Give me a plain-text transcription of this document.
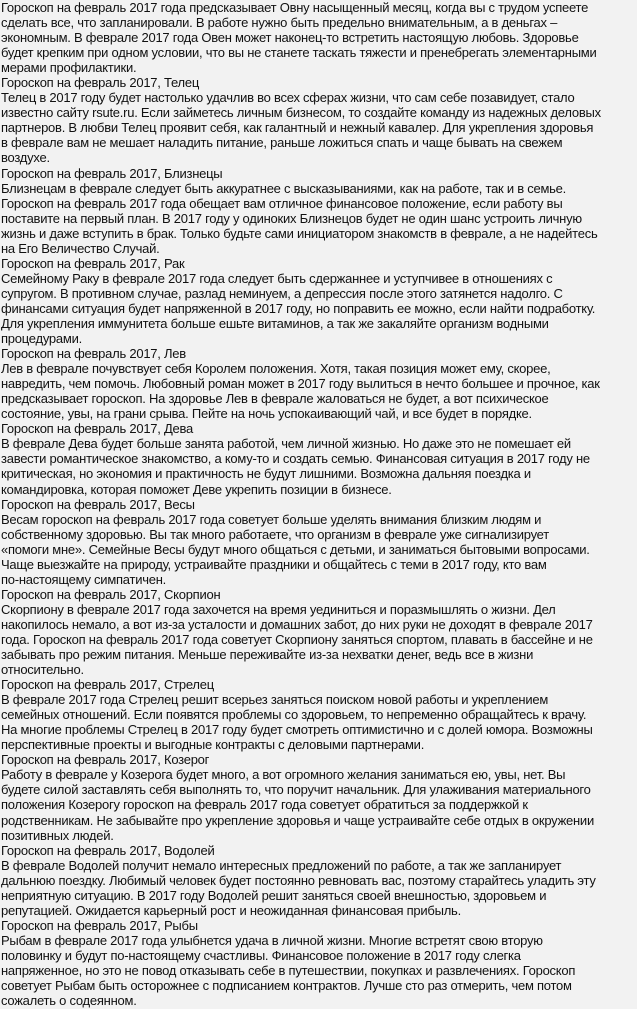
Гороскоп на февраль 2017 года предсказывает Овну насыщенный месяц, когда вы с трудом успеете
сделать все, что запланировали. В работе нужно быть предельно внимательным, а в деньгах –
экономным. В феврале 2017 года Овен может наконец-то встретить настоящую любовь. Здоровье
будет крепким при одном условии, что вы не станете таскать тяжести и пренебрегать элементарными
мерами профилактики.
Гороскоп на февраль 2017, Телец
Телец в 2017 году будет настолько удачлив во всех сферах жизни, что сам себе позавидует, стало
известно сайту rsute.ru. Если займетесь личным бизнесом, то создайте команду из надежных деловых
партнеров. В любви Телец проявит себя, как галантный и нежный кавалер. Для укрепления здоровья
в феврале вам не мешает наладить питание, раньше ложиться спать и чаще бывать на свежем
воздухе.
Гороскоп на февраль 2017, Близнецы
Близнецам в феврале следует быть аккуратнее с высказываниями, как на работе, так и в семье.
Гороскоп на февраль 2017 года обещает вам отличное финансовое положение, если работу вы
поставите на первый план. В 2017 году у одиноких Близнецов будет не один шанс устроить личную
жизнь и даже вступить в брак. Только будьте сами инициатором знакомств в феврале, а не надейтесь
на Его Величество Случай.
Гороскоп на февраль 2017, Рак
Семейному Раку в феврале 2017 года следует быть сдержаннее и уступчивее в отношениях с
супругом. В противном случае, разлад неминуем, а депрессия после этого затянется надолго. С
финансами ситуация будет напряженной в 2017 году, но поправить ее можно, если найти подработку.
Для укрепления иммунитета больше ешьте витаминов, а так же закаляйте организм водными
процедурами.
Гороскоп на февраль 2017, Лев
Лев в феврале почувствует себя Королем положения. Хотя, такая позиция может ему, скорее,
навредить, чем помочь. Любовный роман может в 2017 году вылиться в нечто большее и прочное, как
предсказывает гороскоп. На здоровье Лев в феврале жаловаться не будет, а вот психическое
состояние, увы, на грани срыва. Пейте на ночь успокаивающий чай, и все будет в порядке.
Гороскоп на февраль 2017, Дева
В феврале Дева будет больше занята работой, чем личной жизнью. Но даже это не помешает ей
завести романтическое знакомство, а кому-то и создать семью. Финансовая ситуация в 2017 году не
критическая, но экономия и практичность не будут лишними. Возможна дальняя поездка и
командировка, которая поможет Деве укрепить позиции в бизнесе.
Гороскоп на февраль 2017, Весы
Весам гороскоп на февраль 2017 года советует больше уделять внимания близким людям и
собственному здоровью. Вы так много работаете, что организм в феврале уже сигнализирует
«помоги мне». Семейные Весы будут много общаться с детьми, и заниматься бытовыми вопросами.
Чаще выезжайте на природу, устраивайте праздники и общайтесь с теми в 2017 году, кто вам
по-настоящему симпатичен.
Гороскоп на февраль 2017, Скорпион
Скорпиону в феврале 2017 года захочется на время уединиться и поразмышлять о жизни. Дел
накопилось немало, а вот из-за усталости и домашних забот, до них руки не доходят в феврале 2017
года. Гороскоп на февраль 2017 года советует Скорпиону заняться спортом, плавать в бассейне и не
забывать про режим питания. Меньше переживайте из-за нехватки денег, ведь все в жизни
относительно.
Гороскоп на февраль 2017, Стрелец
В феврале 2017 года Стрелец решит всерьез заняться поиском новой работы и укреплением
семейных отношений. Если появятся проблемы со здоровьем, то непременно обращайтесь к врачу.
На многие проблемы Стрелец в 2017 году будет смотреть оптимистично и с долей юмора. Возможны
перспективные проекты и выгодные контракты с деловыми партнерами.
Гороскоп на февраль 2017, Козерог
Работу в феврале у Козерога будет много, а вот огромного желания заниматься ею, увы, нет. Вы
будете силой заставлять себя выполнять то, что поручит начальник. Для улаживания материального
положения Козерогу гороскоп на февраль 2017 года советует обратиться за поддержкой к
родственникам. Не забывайте про укрепление здоровья и чаще устраивайте себе отдых в окружении
позитивных людей.
Гороскоп на февраль 2017, Водолей
В феврале Водолей получит немало интересных предложений по работе, а так же запланирует
дальнюю поездку. Любимый человек будет постоянно ревновать вас, поэтому старайтесь уладить эту
неприятную ситуацию. В 2017 году Водолей решит заняться своей внешностью, здоровьем и
репутацией. Ожидается карьерный рост и неожиданная финансовая прибыль.
Гороскоп на февраль 2017, Рыбы
Рыбам в феврале 2017 года улыбнется удача в личной жизни. Многие встретят свою вторую
половинку и будут по-настоящему счастливы. Финансовое положение в 2017 году слегка
напряженное, но это не повод отказывать себе в путешествии, покупках и развлечениях. Гороскоп
советует Рыбам быть осторожнее с подписанием контрактов. Лучше сто раз отмерить, чем потом
сожалеть о содеянном.
